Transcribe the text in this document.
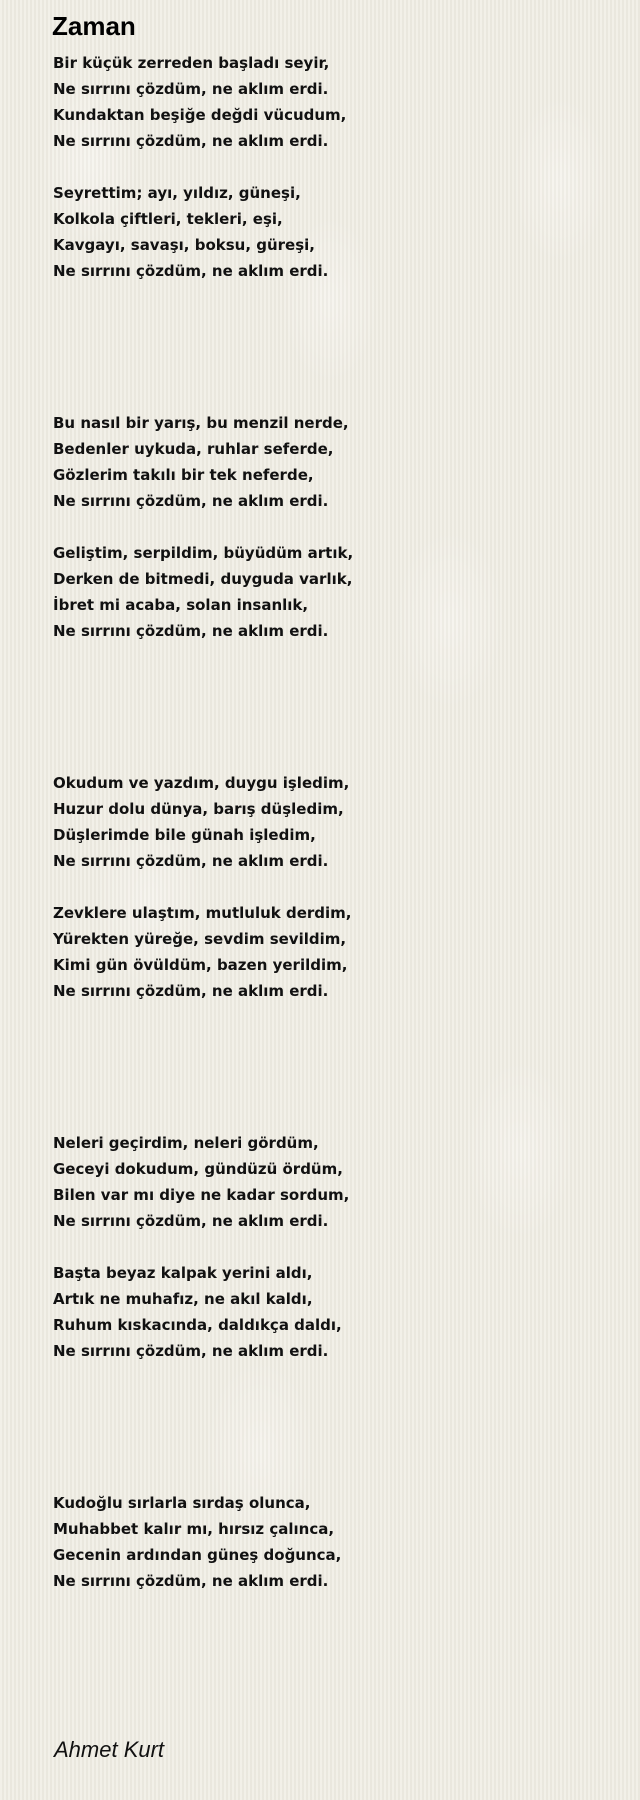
Zaman
Bir küçük zerreden başladı seyir,
Ne sırrını çözdüm, ne aklım erdi.
Kundaktan beşiğe değdi vücudum,
Ne sırrını çözdüm, ne aklım erdi.
Seyrettim; ayı, yıldız, güneşi,
Kolkola çiftleri, tekleri, eşi,
Kavgayı, savaşı, boksu, güreşi,
Ne sırrını çözdüm, ne aklım erdi.
Bu nasıl bir yarış, bu menzil nerde,
Bedenler uykuda, ruhlar seferde,
Gözlerim takılı bir tek neferde,
Ne sırrını çözdüm, ne aklım erdi.
Geliştim, serpildim, büyüdüm artık,
Derken de bitmedi, duyguda varlık,
İbret mi acaba, solan insanlık,
Ne sırrını çözdüm, ne aklım erdi.
Okudum ve yazdım, duygu işledim,
Huzur dolu dünya, barış düşledim,
Düşlerimde bile günah işledim,
Ne sırrını çözdüm, ne aklım erdi.
Zevklere ulaştım, mutluluk derdim,
Yürekten yüreğe, sevdim sevildim,
Kimi gün övüldüm, bazen yerildim,
Ne sırrını çözdüm, ne aklım erdi.
Neleri geçirdim, neleri gördüm,
Geceyi dokudum, gündüzü ördüm,
Bilen var mı diye ne kadar sordum,
Ne sırrını çözdüm, ne aklım erdi.
Başta beyaz kalpak yerini aldı,
Artık ne muhafız, ne akıl kaldı,
Ruhum kıskacında, daldıkça daldı,
Ne sırrını çözdüm, ne aklım erdi.
Kudoğlu sırlarla sırdaş olunca,
Muhabbet kalır mı, hırsız çalınca,
Gecenin ardından güneş doğunca,
Ne sırrını çözdüm, ne aklım erdi.

Ahmet Kurt
